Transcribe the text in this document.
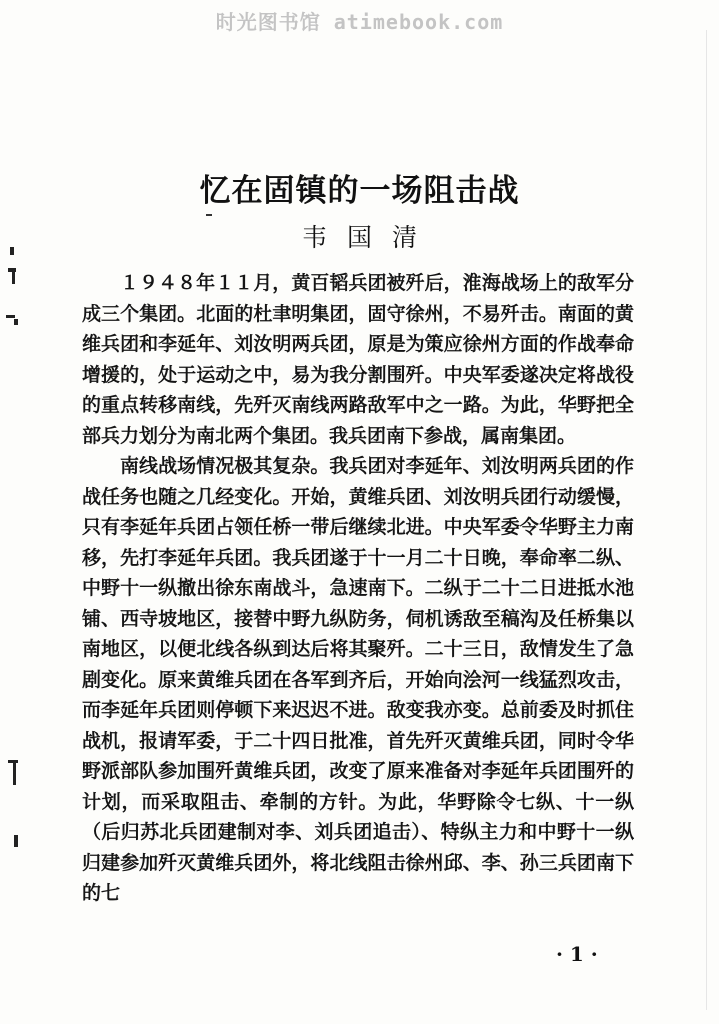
时光图书馆 atimebook.com
忆在固镇的一场阻击战
韦国清

１９４８年１１月，黄百韬兵团被歼后，淮海战场上的敌军分成三个集团。北面的杜聿明集团，固守徐州，不易歼击。南面的黄维兵团和李延年、刘汝明两兵团，原是为策应徐州方面的作战奉命增援的，处于运动之中，易为我分割围歼。中央军委遂决定将战役的重点转移南线，先歼灭南线两路敌军中之一路。为此，华野把全部兵力划分为南北两个集团。我兵团南下参战，属南集团。

南线战场情况极其复杂。我兵团对李延年、刘汝明两兵团的作战任务也随之几经变化。开始，黄维兵团、刘汝明兵团行动缓慢，只有李延年兵团占领任桥一带后继续北进。中央军委令华野主力南移，先打李延年兵团。我兵团遂于十一月二十日晚，奉命率二纵、中野十一纵撤出徐东南战斗，急速南下。二纵于二十二日进抵水池铺、西寺坡地区，接替中野九纵防务，伺机诱敌至稿沟及任桥集以南地区，以便北线各纵到达后将其聚歼。二十三日，敌情发生了急剧变化。原来黄维兵团在各军到齐后，开始向浍河一线猛烈攻击，而李延年兵团则停顿下来迟迟不进。敌变我亦变。总前委及时抓住战机，报请军委，于二十四日批准，首先歼灭黄维兵团，同时令华野派部队参加围歼黄维兵团，改变了原来准备对李延年兵团围歼的计划，而采取阻击、牵制的方针。为此，华野除令七纵、十一纵（后归苏北兵团建制对李、刘兵团追击）、特纵主力和中野十一纵归建参加歼灭黄维兵团外，将北线阻击徐州邱、李、孙三兵团南下的七

· 1 ·
